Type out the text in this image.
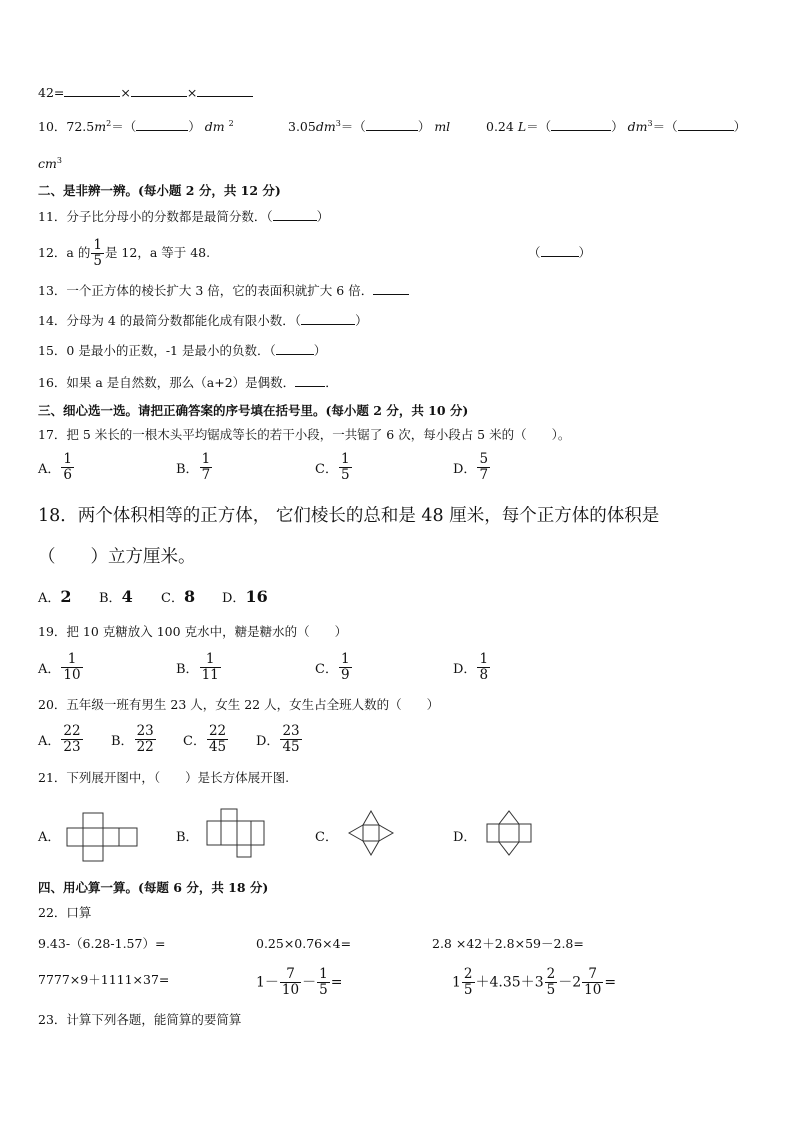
42=	×	×
10．$72.5m^2=$（	） dm $^2$	$3.05dm^3=$（	） ml	0.24 L＝（	） $dm^3=$（	）
$cm^3$
二、是非辨一辨。(每小题 2 分，共 12 分)
11．分子比分母小的分数都是最简分数．（	）
12．a 的 $\frac{1}{5}$ 是 12，a 等于 48.	（	）
13．一个正方体的棱长扩大 3 倍，它的表面积就扩大 6 倍．
14．分母为 4 的最简分数都能化成有限小数．（	）
15．0 是最小的正数，-1 是最小的负数．（	）
16．如果 a 是自然数，那么（a+2）是偶数． ．
三、细心选一选。请把正确答案的序号填在括号里。(每小题 2 分，共 10 分)
17．把 5 米长的一根木头平均锯成等长的若干小段，一共锯了 6 次，每小段占 5 米的（　　）。
A． $\frac{1}{6}$	B． $\frac{1}{7}$	C． $\frac{1}{5}$	D． $\frac{5}{7}$
18．两个体积相等的正方体， 它们棱长的总和是 48 厘米，每个正方体的体积是
（　　）立方厘米。
A．2 B．4 C．8 D．16
19．把 10 克糖放入 100 克水中，糖是糖水的（　　）
A． $\frac{1}{10}$	B． $\frac{1}{11}$	C． $\frac{1}{9}$	D． $\frac{1}{8}$
20．五年级一班有男生 23 人，女生 22 人，女生占全班人数的（　　）
A． $\frac{22}{23}$ B． $\frac{23}{22}$ C． $\frac{22}{45}$ D． $\frac{23}{45}$
21．下列展开图中，（　　）是长方体展开图.
A．	B．	C．	D．
四、用心算一算。(每题 6 分，共 18 分)
22．口算
9.43-（6.28-1.57）=	0.25×0.76×4=	2.8 ×42＋2.8×59－2.8=
7777×9＋1111×37=	$1- \frac{7}{10} - \frac{1}{5}$ =	$1 \frac{2}{5} +4.35+3 \frac{2}{5} -2 \frac{7}{10}$ =
23．计算下列各题，能简算的要简算
